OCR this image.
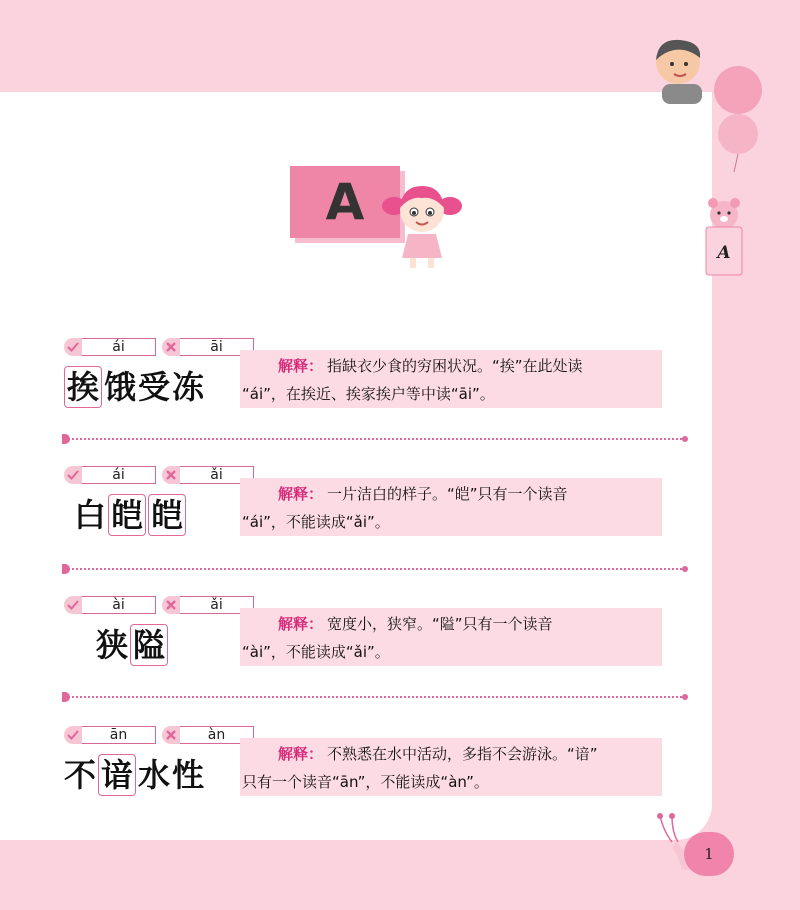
A
A
ái	āi
挨 饿 受 冻
解释： 指缺衣少食的穷困状况。“挨”在此处读
“ái”，在挨近、挨家挨户等中读“āi”。
ái	ǎi
白 皑 皑
解释： 一片洁白的样子。“皑”只有一个读音
“ái”，不能读成“ǎi”。
ài	ǎi
狭 隘
解释： 宽度小，狭窄。“隘”只有一个读音
“ài”，不能读成“ǎi”。
ān	àn
不 谙 水 性
解释： 不熟悉在水中活动，多指不会游泳。“谙”
只有一个读音“ān”，不能读成“àn”。
1
